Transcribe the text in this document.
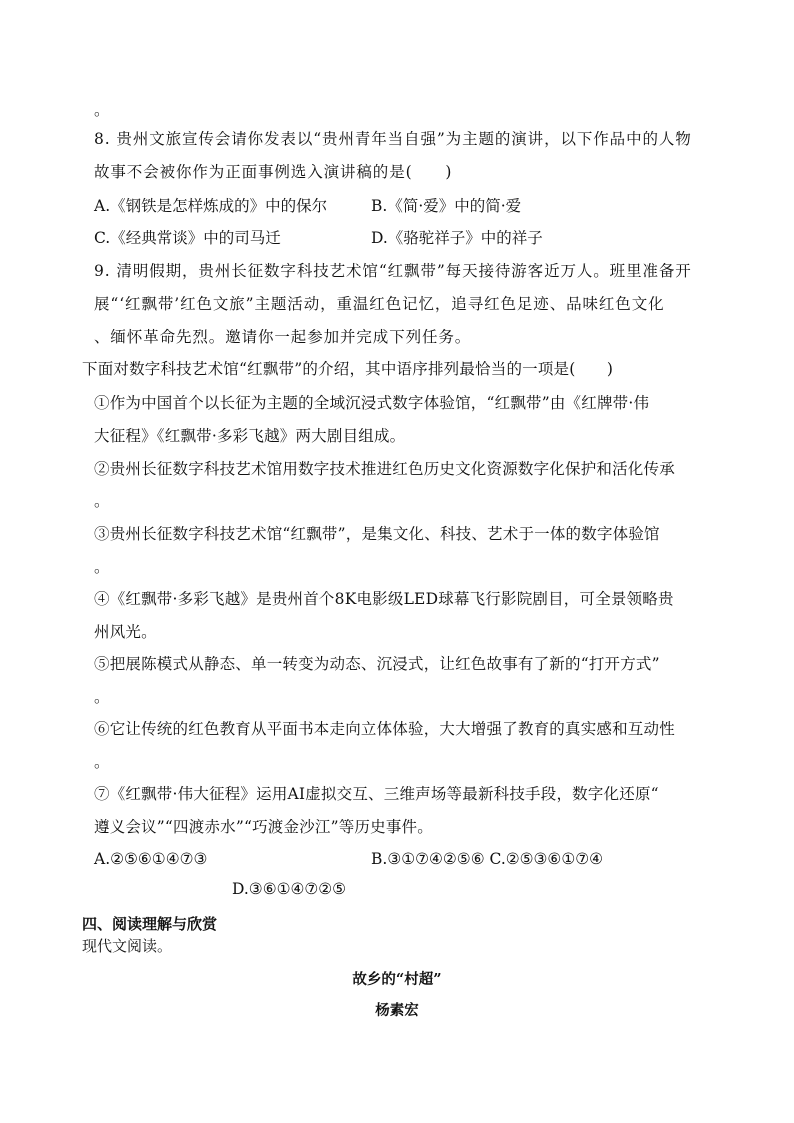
。
8. 贵州文旅宣传会请你发表以“贵州青年当自强”为主题的演讲，以下作品中的人物
故事不会被你作为正面事例选入演讲稿的是(　　)
A.《钢铁是怎样炼成的》中的保尔	B.《简·爱》中的简·爱
C.《经典常谈》中的司马迁	D.《骆驼祥子》中的祥子
9. 清明假期，贵州长征数字科技艺术馆“红飘带”每天接待游客近万人。班里准备开
展“‘红飘带’红色文旅”主题活动，重温红色记忆，追寻红色足迹、品味红色文化
、缅怀革命先烈。邀请你一起参加并完成下列任务。
下面对数字科技艺术馆“红飘带”的介绍，其中语序排列最恰当的一项是(　　)
①作为中国首个以长征为主题的全域沉浸式数字体验馆，“红飘带”由《红牌带·伟
大征程》《红飘带·多彩飞越》两大剧目组成。
②贵州长征数字科技艺术馆用数字技术推进红色历史文化资源数字化保护和活化传承
。
③贵州长征数字科技艺术馆“红飘带”，是集文化、科技、艺术于一体的数字体验馆
。
④《红飘带·多彩飞越》是贵州首个8K电影级LED球幕飞行影院剧目，可全景领略贵
州风光。
⑤把展陈模式从静态、单一转变为动态、沉浸式，让红色故事有了新的“打开方式”
。
⑥它让传统的红色教育从平面书本走向立体体验，大大增强了教育的真实感和互动性
。
⑦《红飘带·伟大征程》运用AI虚拟交互、三维声场等最新科技手段，数字化还原“
遵义会议”“四渡赤水”“巧渡金沙江”等历史事件。
A.②⑤⑥①④⑦③	B.③①⑦④②⑤⑥ C.②⑤③⑥①⑦④
D.③⑥①④⑦②⑤
四、阅读理解与欣赏
现代文阅读。
故乡的“村超”
杨素宏
